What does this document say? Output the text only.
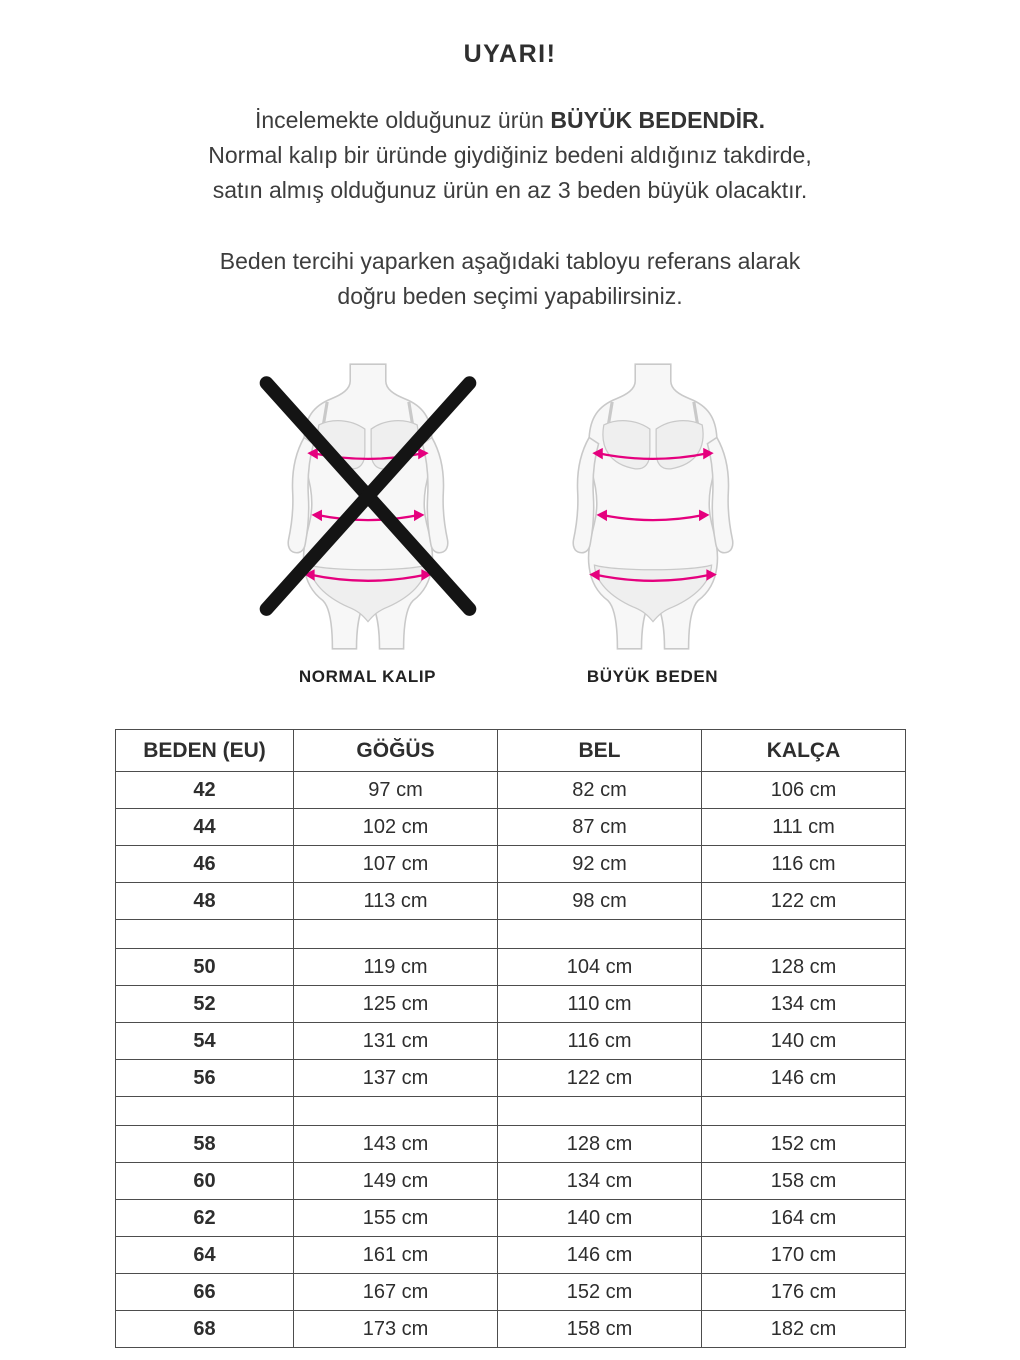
UYARI!
İncelemekte olduğunuz ürün BÜYÜK BEDENDİR.
Normal kalıp bir üründe giydiğiniz bedeni aldığınız takdirde,
satın almış olduğunuz ürün en az 3 beden büyük olacaktır.
Beden tercihi yaparken aşağıdaki tabloyu referans alarak
doğru beden seçimi yapabilirsiniz.
NORMAL KALIP	BÜYÜK BEDEN
BEDEN (EU)	GÖĞÜS	BEL	KALÇA
42	97 cm	82 cm	106 cm
44	102 cm	87 cm	111 cm
46	107 cm	92 cm	116 cm
48	113 cm	98 cm	122 cm

50	119 cm	104 cm	128 cm
52	125 cm	110 cm	134 cm
54	131 cm	116 cm	140 cm
56	137 cm	122 cm	146 cm

58	143 cm	128 cm	152 cm
60	149 cm	134 cm	158 cm
62	155 cm	140 cm	164 cm
64	161 cm	146 cm	170 cm
66	167 cm	152 cm	176 cm
68	173 cm	158 cm	182 cm
